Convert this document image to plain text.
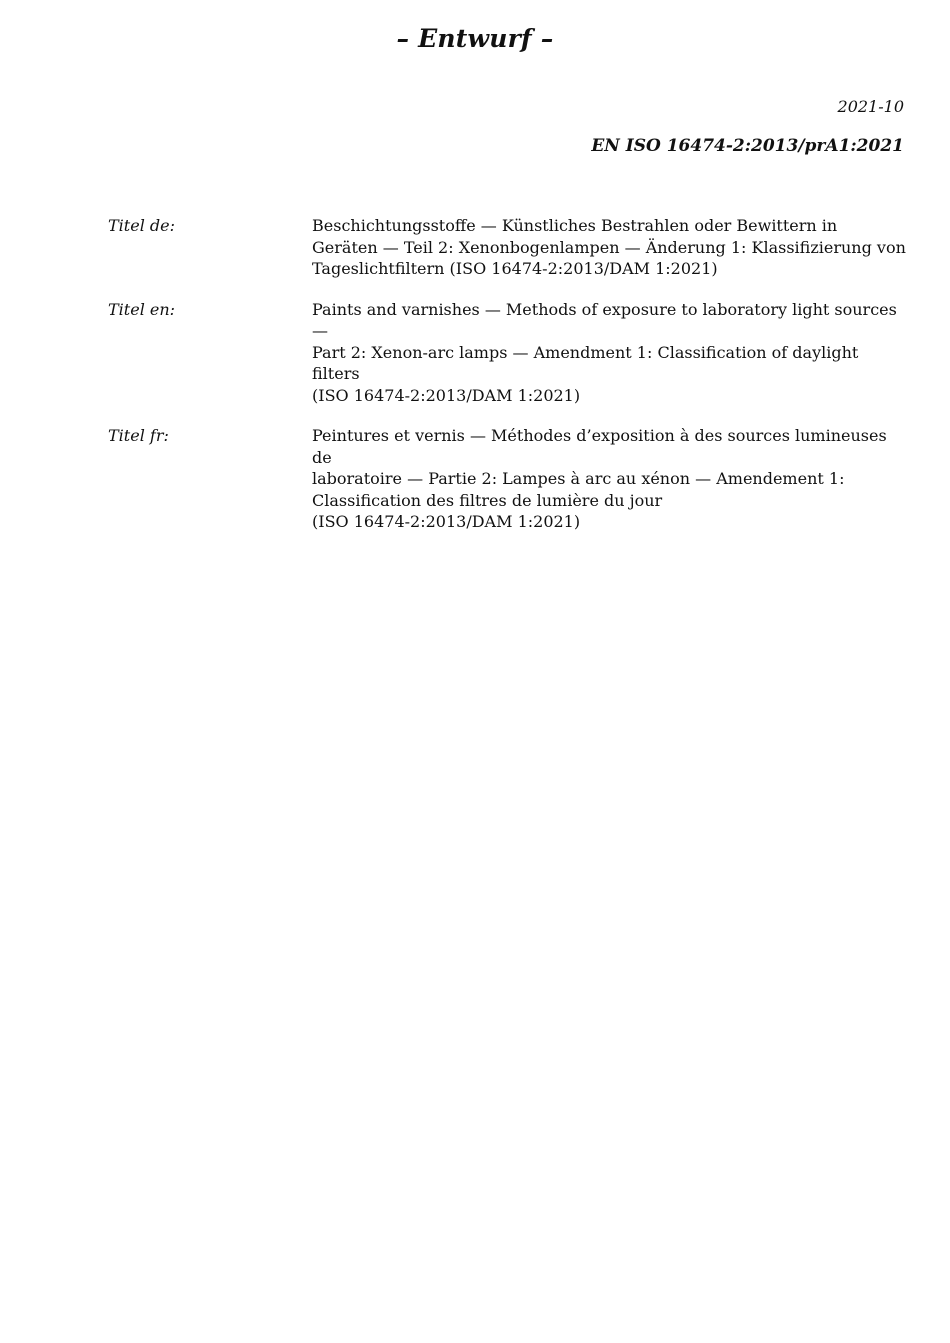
– Entwurf –
2021-10
EN ISO 16474-2:2013/prA1:2021
Titel de:	Beschichtungsstoffe — Künstliches Bestrahlen oder Bewittern in
Geräten — Teil 2: Xenonbogenlampen — Änderung 1: Klassifizierung von
Tageslichtfiltern (ISO 16474-2:2013/DAM 1:2021)
Titel en:	Paints and varnishes — Methods of exposure to laboratory light sources —
Part 2: Xenon-arc lamps — Amendment 1: Classification of daylight filters
(ISO 16474-2:2013/DAM 1:2021)
Titel fr:	Peintures et vernis — Méthodes d’exposition à des sources lumineuses de
laboratoire — Partie 2: Lampes à arc au xénon — Amendement 1:
Classification des filtres de lumière du jour
(ISO 16474-2:2013/DAM 1:2021)
